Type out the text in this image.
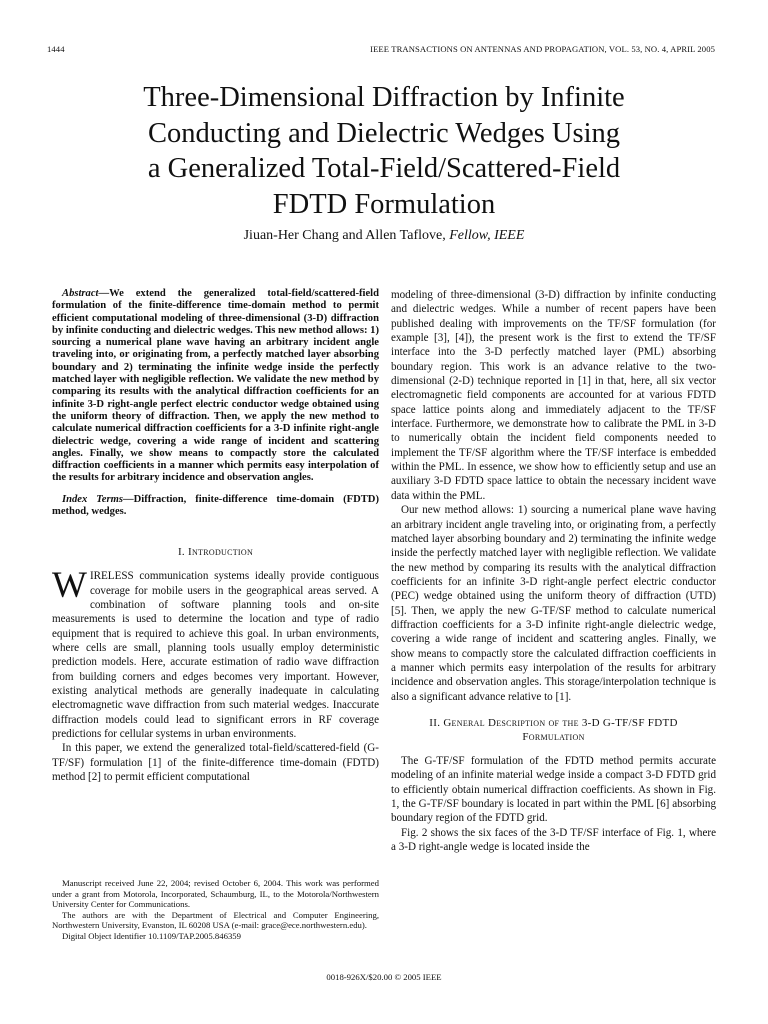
1444	IEEE TRANSACTIONS ON ANTENNAS AND PROPAGATION, VOL. 53, NO. 4, APRIL 2005
Three-Dimensional Diffraction by Infinite
Conducting and Dielectric Wedges Using
a Generalized Total-Field/Scattered-Field
FDTD Formulation
Jiuan-Her Chang and Allen Taflove, Fellow, IEEE

Abstract—We extend the generalized total-field/scattered-field formulation of the finite-difference time-domain method to permit efficient computational modeling of three-dimensional (3-D) diffraction by infinite conducting and dielectric wedges. This new method allows: 1) sourcing a numerical plane wave having an arbitrary incident angle traveling into, or originating from, a perfectly matched layer absorbing boundary and 2) terminating the infinite wedge inside the perfectly matched layer with negligible reflection. We validate the new method by comparing its results with the analytical diffraction coefficients for an infinite 3-D right-angle perfect electric conductor wedge obtained using the uniform theory of diffraction. Then, we apply the new method to calculate numerical diffraction coefficients for a 3-D infinite right-angle dielectric wedge, covering a wide range of incident and scattering angles. Finally, we show means to compactly store the calculated diffraction coefficients in a manner which permits easy interpolation of the results for arbitrary incidence and observation angles.

Index Terms—Diffraction, finite-difference time-domain (FDTD) method, wedges.

I. Introduction

WIRELESS communication systems ideally provide contiguous coverage for mobile users in the geographical areas served. A combination of software planning tools and on-site measurements is used to determine the location and type of radio equipment that is required to achieve this goal. In urban environments, where cells are small, planning tools usually employ deterministic prediction models. Here, accurate estimation of radio wave diffraction from building corners and edges becomes very important. However, existing analytical methods are generally inadequate in calculating electromagnetic wave diffraction from such material wedges. Inaccurate diffraction models could lead to significant errors in RF coverage predictions for cellular systems in urban environments.

In this paper, we extend the generalized total-field/scattered-field (G-TF/SF) formulation [1] of the finite-difference time-domain (FDTD) method [2] to permit efficient computational

Manuscript received June 22, 2004; revised October 6, 2004. This work was performed under a grant from Motorola, Incorporated, Schaumburg, IL, to the Motorola/Northwestern University Center for Communications.

The authors are with the Department of Electrical and Computer Engineering, Northwestern University, Evanston, IL 60208 USA (e-mail: grace@ece.northwestern.edu).

Digital Object Identifier 10.1109/TAP.2005.846359

modeling of three-dimensional (3-D) diffraction by infinite conducting and dielectric wedges. While a number of recent papers have been published dealing with improvements on the TF/SF formulation (for example [3], [4]), the present work is the first to extend the TF/SF interface into the 3-D perfectly matched layer (PML) absorbing boundary region. This work is an advance relative to the two-dimensional (2-D) technique reported in [1] in that, here, all six vector electromagnetic field components are accounted for at various FDTD space lattice points along and immediately adjacent to the TF/SF interface. Furthermore, we demonstrate how to calibrate the PML in 3-D to numerically obtain the incident field components needed to implement the TF/SF algorithm where the TF/SF interface is embedded within the PML. In essence, we show how to efficiently setup and use an auxiliary 3-D FDTD space lattice to obtain the necessary incident wave data within the PML.

Our new method allows: 1) sourcing a numerical plane wave having an arbitrary incident angle traveling into, or originating from, a perfectly matched layer absorbing boundary and 2) terminating the infinite wedge inside the perfectly matched layer with negligible reflection. We validate the new method by comparing its results with the analytical diffraction coefficients for an infinite 3-D right-angle perfect electric conductor (PEC) wedge obtained using the uniform theory of diffraction (UTD) [5]. Then, we apply the new G-TF/SF method to calculate numerical diffraction coefficients for a 3-D infinite right-angle dielectric wedge, covering a wide range of incident and scattering angles. Finally, we show means to compactly store the calculated diffraction coefficients in a manner which permits easy interpolation of the results for arbitrary incidence and observation angles. This storage/interpolation technique is also a significant advance relative to [1].

II. General Description of the 3-D G-TF/SF FDTD
Formulation

The G-TF/SF formulation of the FDTD method permits accurate modeling of an infinite material wedge inside a compact 3-D FDTD grid to efficiently obtain numerical diffraction coefficients. As shown in Fig. 1, the G-TF/SF boundary is located in part within the PML [6] absorbing boundary region of the FDTD grid.

Fig. 2 shows the six faces of the 3-D TF/SF interface of Fig. 1, where a 3-D right-angle wedge is located inside the

0018-926X/$20.00 © 2005 IEEE
